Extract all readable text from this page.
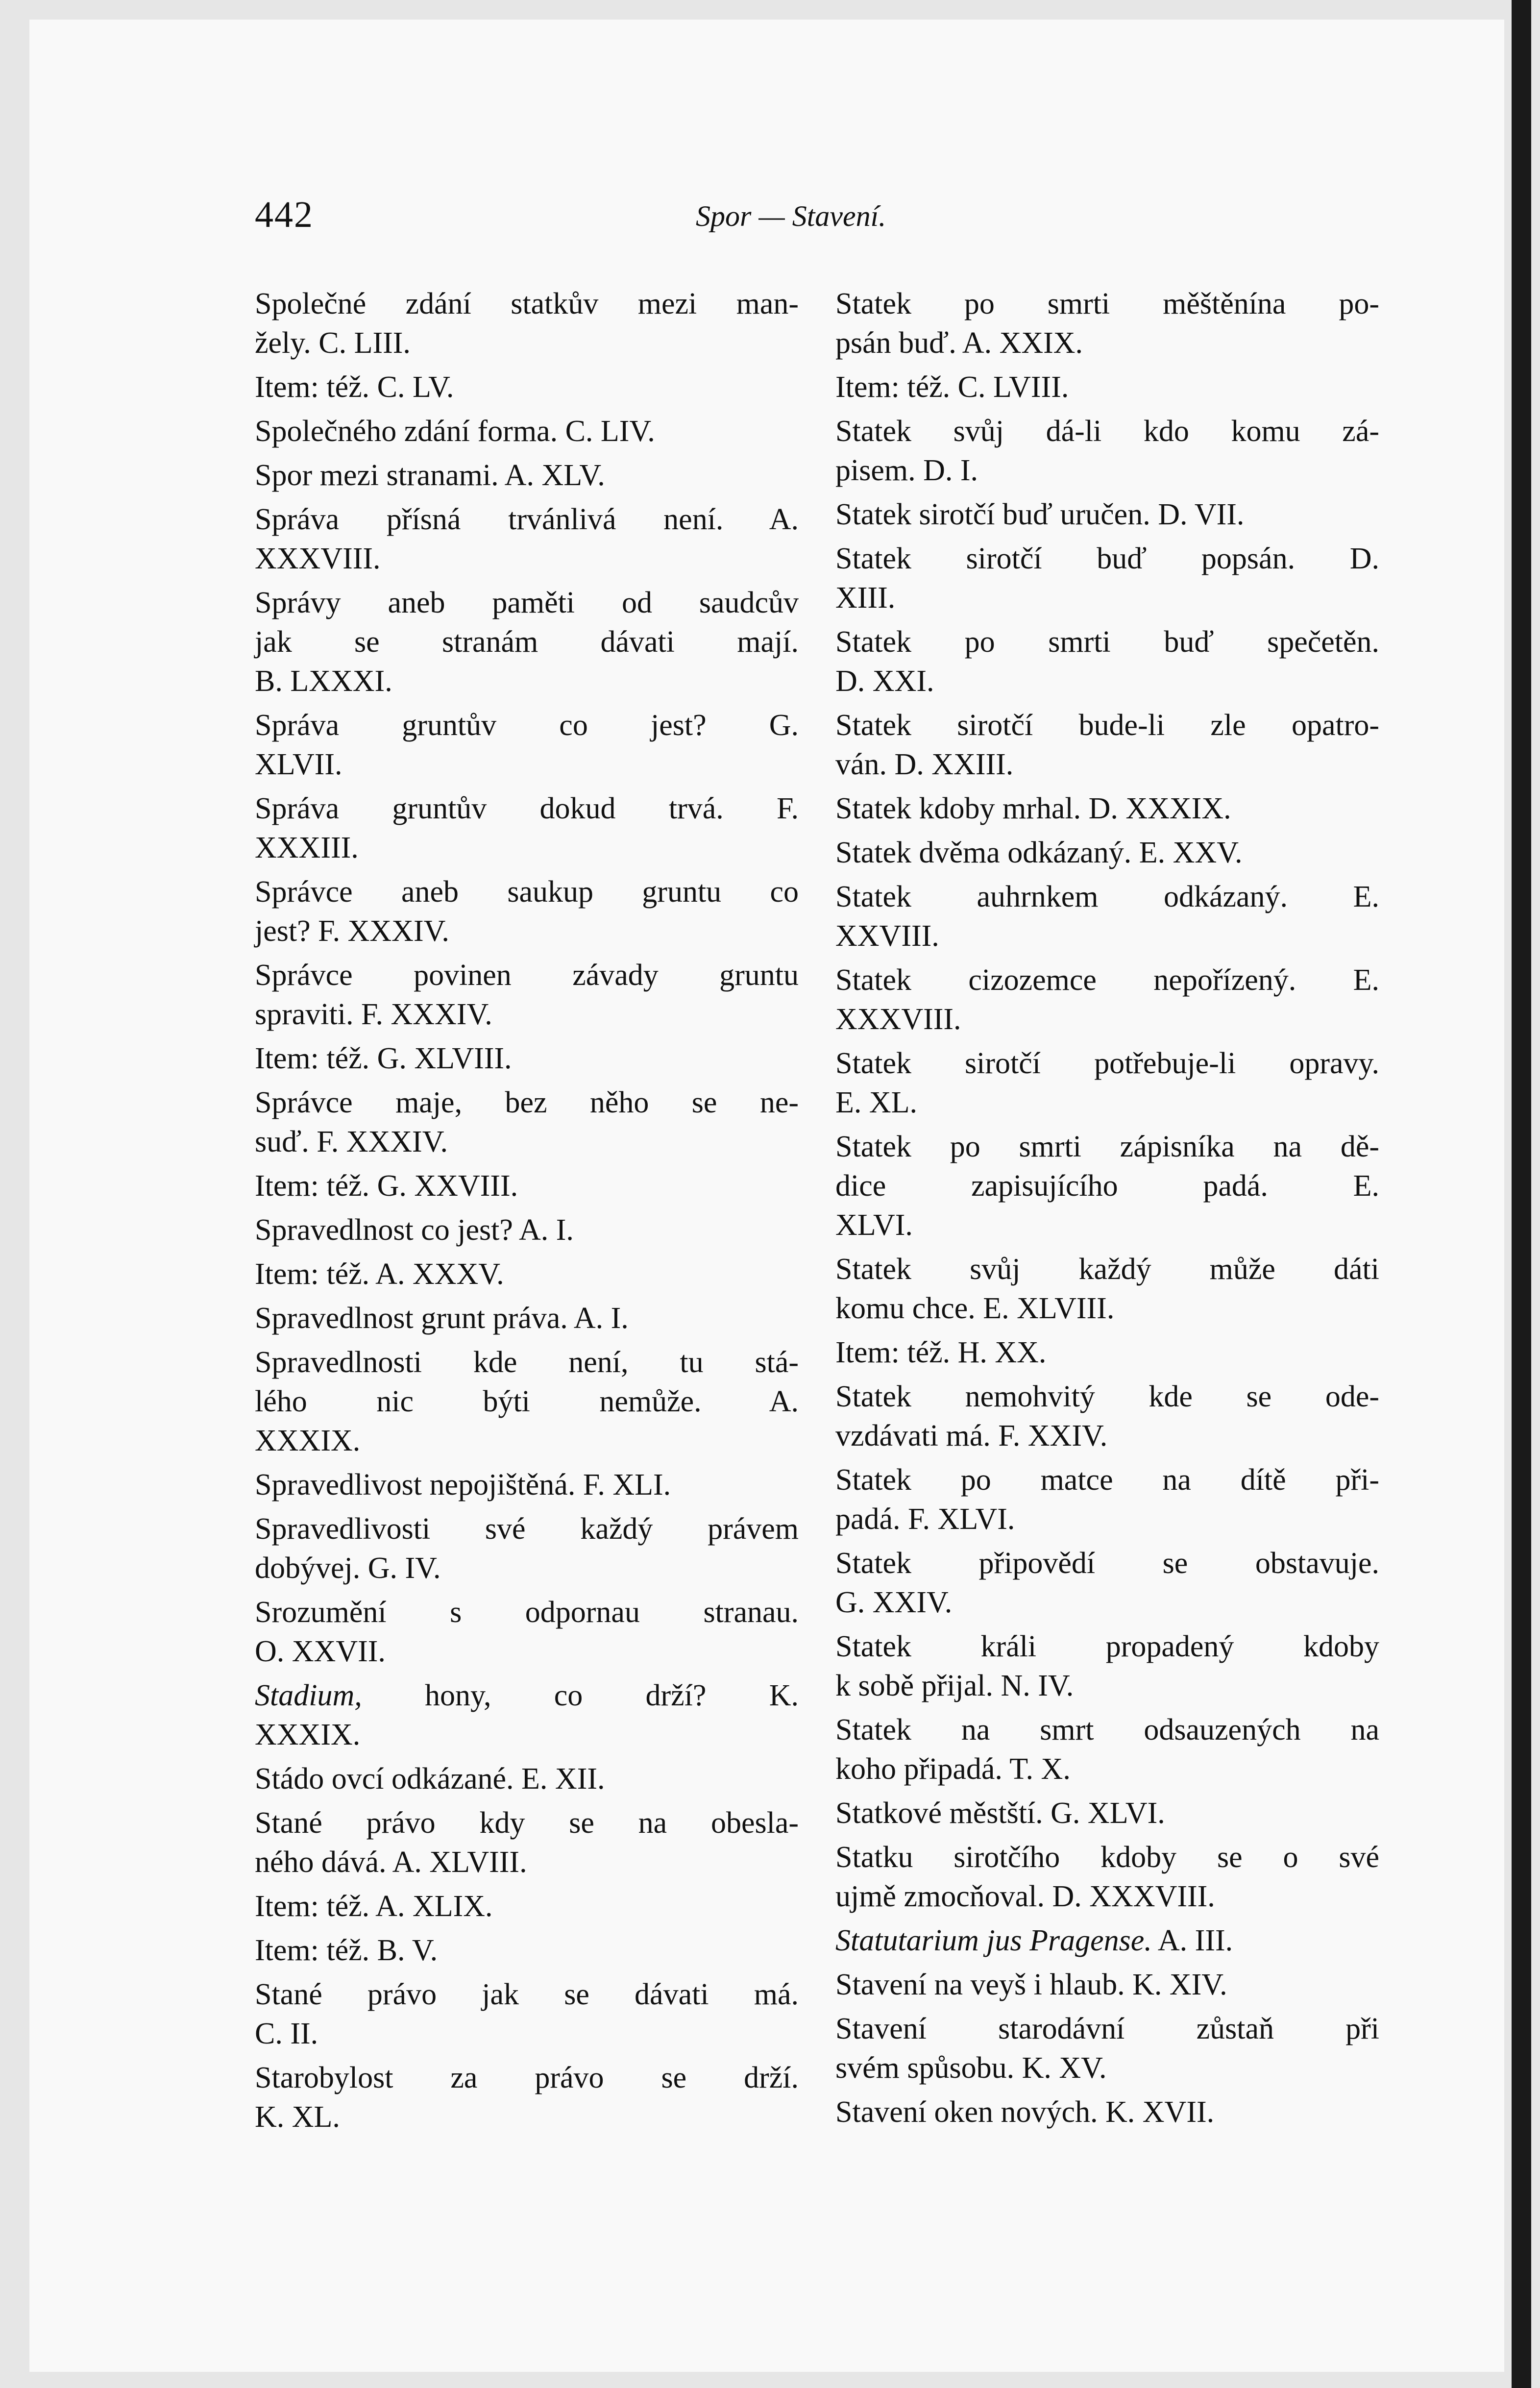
442	Spor — Stavení.
Společné zdání statkův mezi man-
žely. C. LIII.
Item: též. C. LV.
Společného zdání forma. C. LIV.
Spor mezi stranami. A. XLV.
Správa přísná trvánlivá není. A.
XXXVIII.
Správy aneb paměti od saudcův
jak se stranám dávati mají.
B. LXXXI.
Správa gruntův co jest? G.
XLVII.
Správa gruntův dokud trvá. F.
XXXIII.
Správce aneb saukup gruntu co
jest? F. XXXIV.
Správce povinen závady gruntu
spraviti. F. XXXIV.
Item: též. G. XLVIII.
Správce maje, bez něho se ne-
suď. F. XXXIV.
Item: též. G. XXVIII.
Spravedlnost co jest? A. I.
Item: též. A. XXXV.
Spravedlnost grunt práva. A. I.
Spravedlnosti kde není, tu stá-
lého nic býti nemůže. A.
XXXIX.
Spravedlivost nepojištěná. F. XLI.
Spravedlivosti své každý právem
dobývej. G. IV.
Srozumění s odpornau stranau.
O. XXVII.
Stadium, hony, co drží? K.
XXXIX.
Stádo ovcí odkázané. E. XII.
Stané právo kdy se na obesla-
ného dává. A. XLVIII.
Item: též. A. XLIX.
Item: též. B. V.
Stané právo jak se dávati má.
C. II.
Starobylost za právo se drží.
K. XL.
Statek po smrti měštěnína po-
psán buď. A. XXIX.
Item: též. C. LVIII.
Statek svůj dá-li kdo komu zá-
pisem. D. I.
Statek sirotčí buď uručen. D. VII.
Statek sirotčí buď popsán. D.
XIII.
Statek po smrti buď spečetěn.
D. XXI.
Statek sirotčí bude-li zle opatro-
ván. D. XXIII.
Statek kdoby mrhal. D. XXXIX.
Statek dvěma odkázaný. E. XXV.
Statek auhrnkem odkázaný. E.
XXVIII.
Statek cizozemce nepořízený. E.
XXXVIII.
Statek sirotčí potřebuje-li opravy.
E. XL.
Statek po smrti zápisníka na dě-
dice zapisujícího padá. E.
XLVI.
Statek svůj každý může dáti
komu chce. E. XLVIII.
Item: též. H. XX.
Statek nemohvitý kde se ode-
vzdávati má. F. XXIV.
Statek po matce na dítě při-
padá. F. XLVI.
Statek připovědí se obstavuje.
G. XXIV.
Statek králi propadený kdoby
k sobě přijal. N. IV.
Statek na smrt odsauzených na
koho připadá. T. X.
Statkové městští. G. XLVI.
Statku sirotčího kdoby se o své
ujmě zmocňoval. D. XXXVIII.
Statutarium jus Pragense. A. III.
Stavení na veyš i hlaub. K. XIV.
Stavení starodávní zůstaň při
svém spůsobu. K. XV.
Stavení oken nových. K. XVII.
